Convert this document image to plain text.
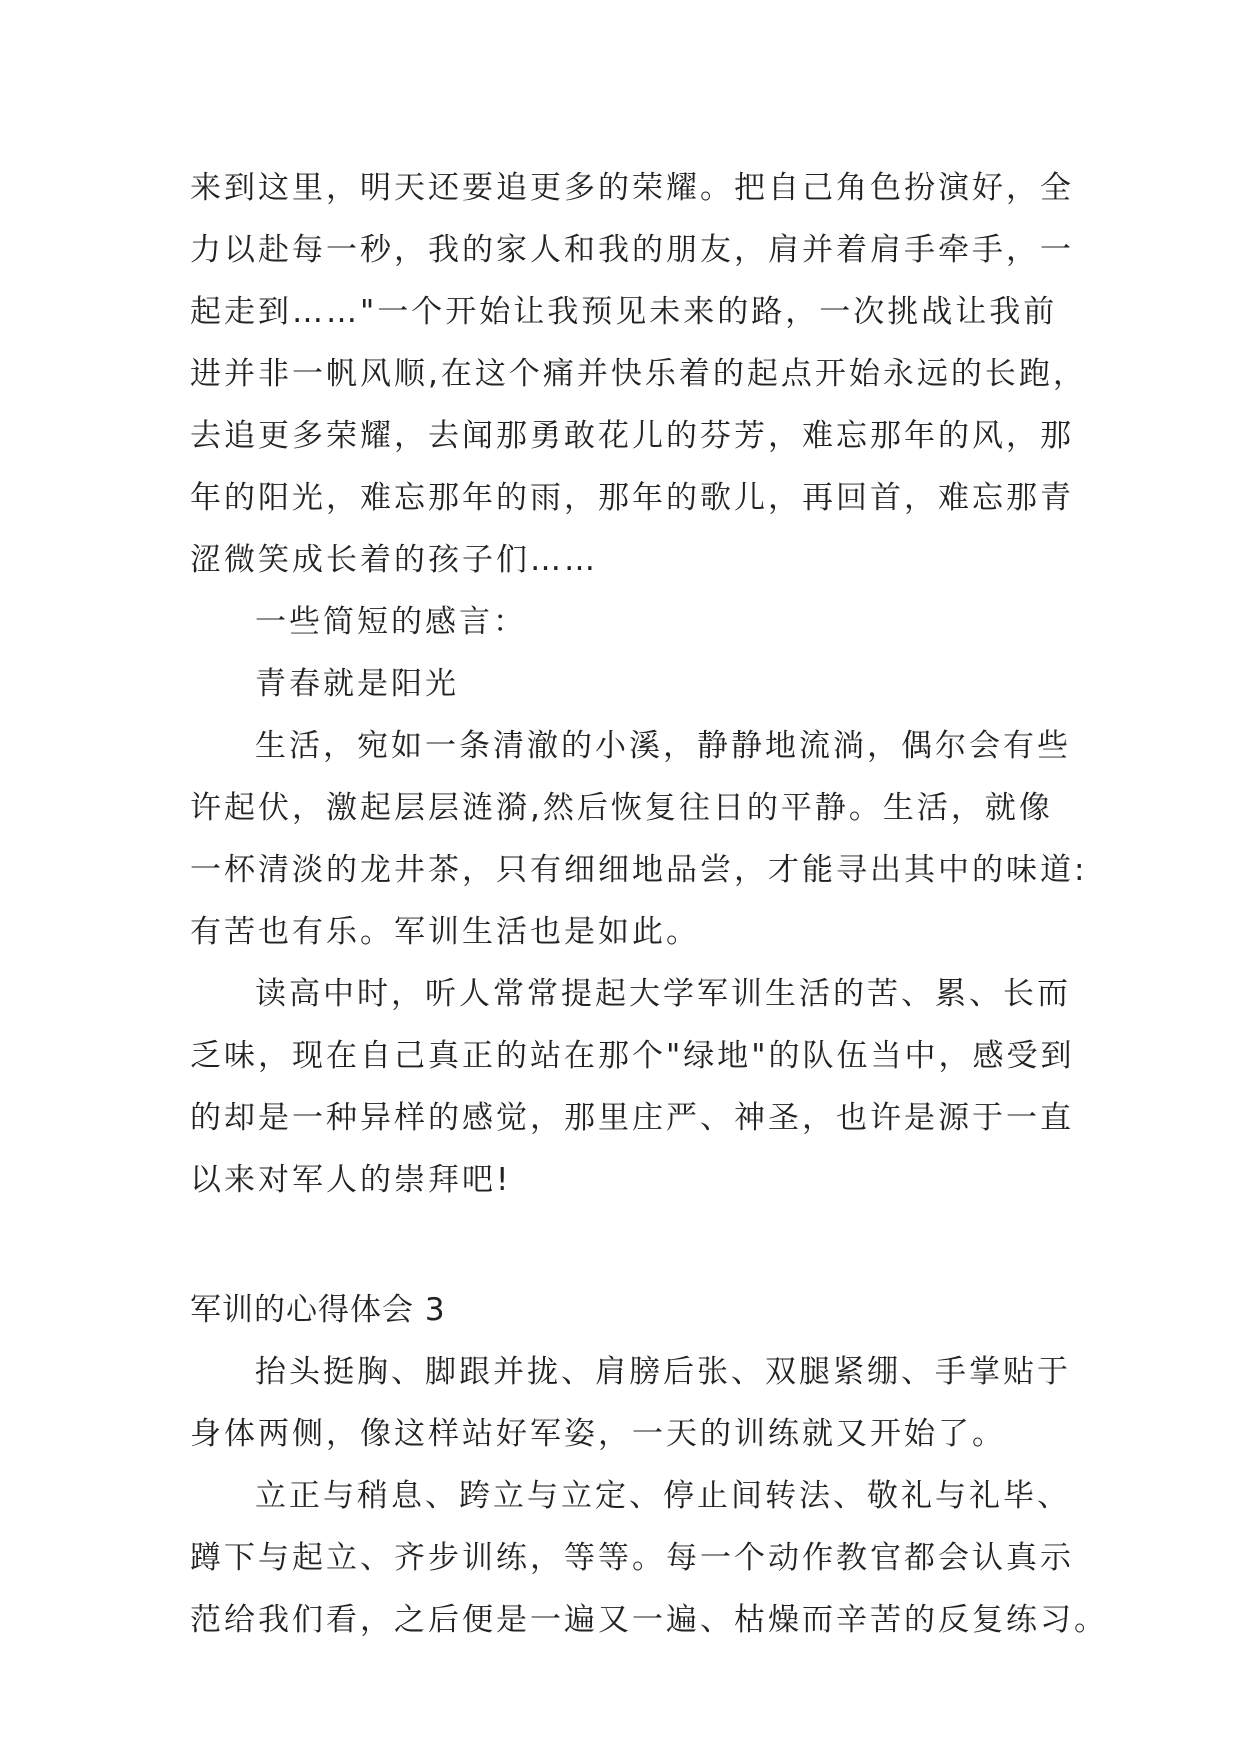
来到这里，明天还要追更多的荣耀。把自己角色扮演好，全
力以赴每一秒，我的家人和我的朋友，肩并着肩手牵手，一
起走到……"一个开始让我预见未来的路，一次挑战让我前
进并非一帆风顺,在这个痛并快乐着的起点开始永远的长跑，
去追更多荣耀，去闻那勇敢花儿的芬芳，难忘那年的风，那
年的阳光，难忘那年的雨，那年的歌儿，再回首，难忘那青
涩微笑成长着的孩子们……
一些简短的感言：
青春就是阳光
生活，宛如一条清澈的小溪，静静地流淌，偶尔会有些
许起伏，激起层层涟漪,然后恢复往日的平静。生活，就像
一杯清淡的龙井茶，只有细细地品尝，才能寻出其中的味道:
有苦也有乐。军训生活也是如此。
读高中时，听人常常提起大学军训生活的苦、累、长而
乏味，现在自己真正的站在那个"绿地"的队伍当中，感受到
的却是一种异样的感觉，那里庄严、神圣，也许是源于一直
以来对军人的崇拜吧!
军训的心得体会 3
抬头挺胸、脚跟并拢、肩膀后张、双腿紧绷、手掌贴于
身体两侧，像这样站好军姿，一天的训练就又开始了。
立正与稍息、跨立与立定、停止间转法、敬礼与礼毕、
蹲下与起立、齐步训练，等等。每一个动作教官都会认真示
范给我们看，之后便是一遍又一遍、枯燥而辛苦的反复练习。
